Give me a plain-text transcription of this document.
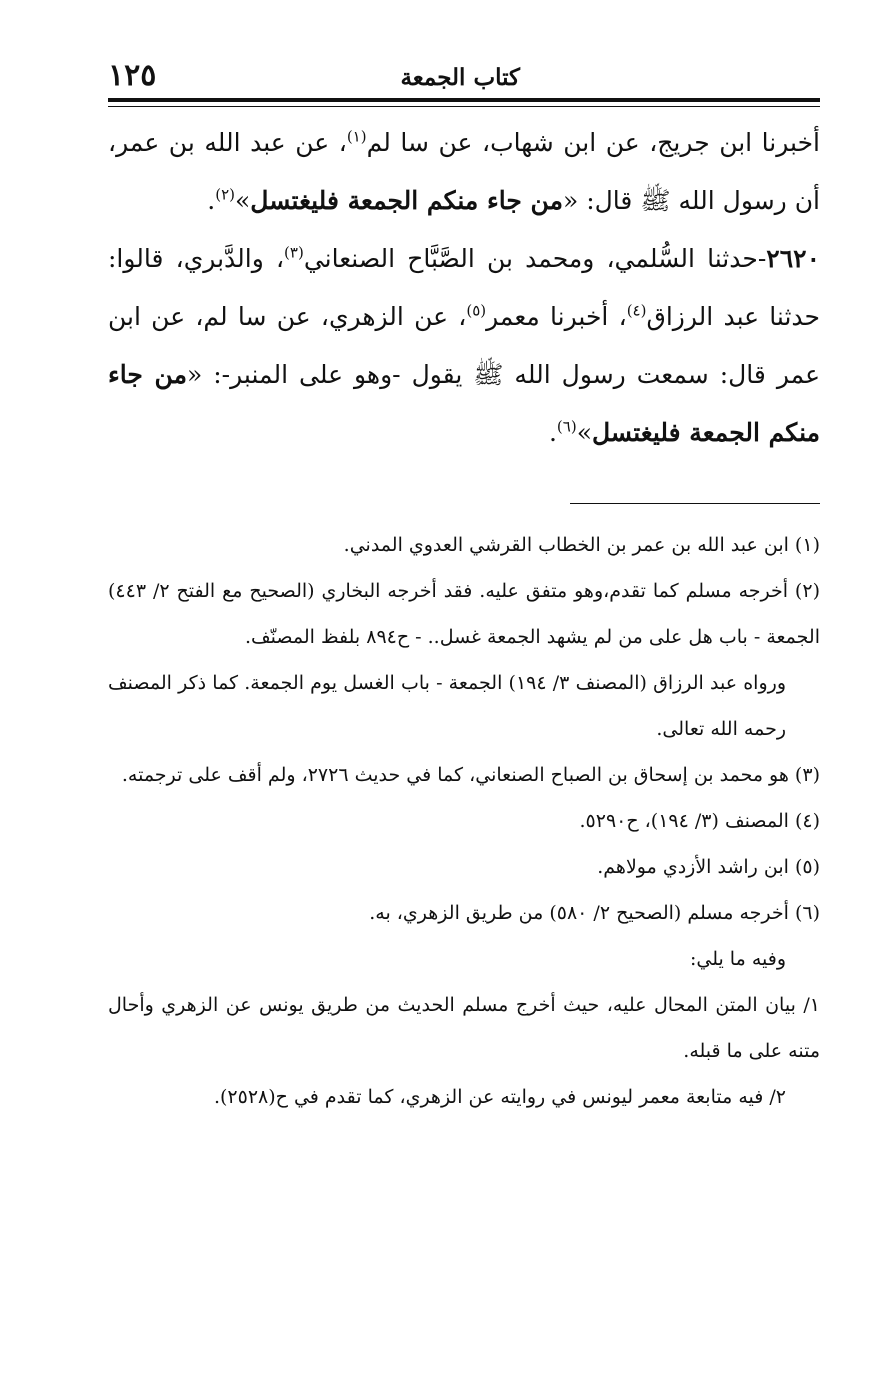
كتاب الجمعة
١٢٥

أخبرنا ابن جريج، عن ابن شهاب، عن سا لم$^{(١)}$، عن عبد الله بن عمر، أن رسول الله ﷺ قال: «من جاء منكم الجمعة فليغتسل»$^{(٢)}$.

٢٦٢٠-حدثنا السُّلمي، ومحمد بن الصَّبَّاح الصنعاني$^{(٣)}$، والدَّبري، قالوا: حدثنا عبد الرزاق$^{(٤)}$، أخبرنا معمر$^{(٥)}$، عن الزهري، عن سا لم، عن ابن عمر قال: سمعت رسول الله ﷺ يقول -وهو على المنبر-: «من جاء منكم الجمعة فليغتسل»$^{(٦)}$.

(١) ابن عبد الله بن عمر بن الخطاب القرشي العدوي المدني.

(٢) أخرجه مسلم كما تقدم،وهو متفق عليه. فقد أخرجه البخاري (الصحيح مع الفتح ٢/ ٤٤٣) الجمعة - باب هل على من لم يشهد الجمعة غسل.. - ح٨٩٤ بلفظ المصنّف.

ورواه عبد الرزاق (المصنف ٣/ ١٩٤) الجمعة - باب الغسل يوم الجمعة. كما ذكر المصنف رحمه الله تعالى.

(٣) هو محمد بن إسحاق بن الصباح الصنعاني، كما في حديث ٢٧٢٦، ولم أقف على ترجمته.

(٤) المصنف (٣/ ١٩٤)، ح٥٢٩٠.

(٥) ابن راشد الأزدي مولاهم.

(٦) أخرجه مسلم (الصحيح ٢/ ٥٨٠) من طريق الزهري، به.

وفيه ما يلي:

١/ بيان المتن المحال عليه، حيث أخرج مسلم الحديث من طريق يونس عن الزهري وأحال متنه على ما قبله.

٢/ فيه متابعة معمر ليونس في روايته عن الزهري، كما تقدم في ح(٢٥٢٨).
